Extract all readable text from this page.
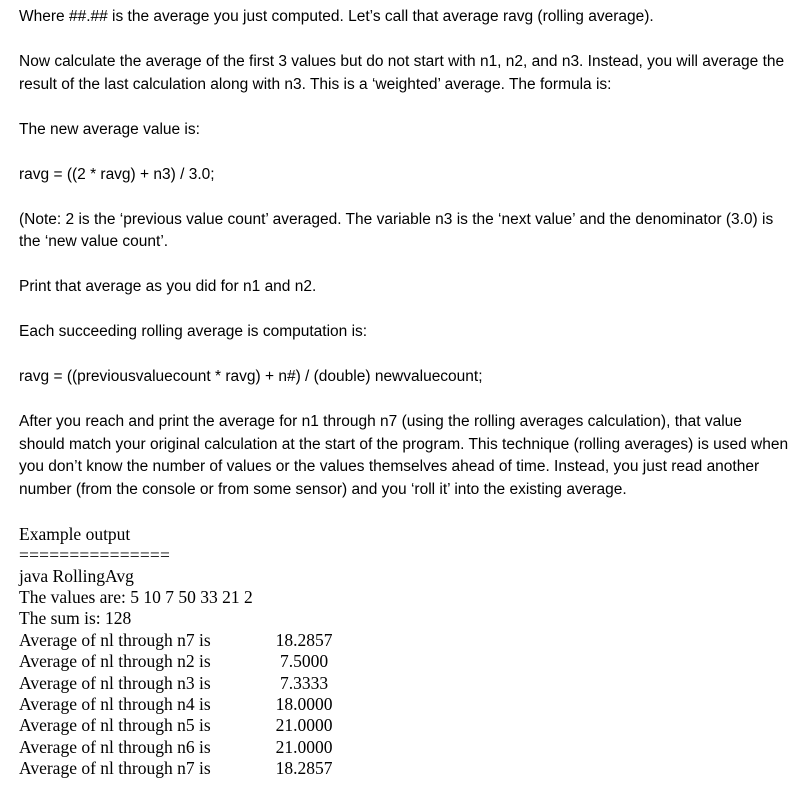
Where ##.## is the average you just computed. Let’s call that average ravg (rolling average).

Now calculate the average of the first 3 values but do not start with n1, n2, and n3. Instead, you will average the result of the last calculation along with n3. This is a ‘weighted’ average. The formula is:

The new average value is:

ravg = ((2 * ravg) + n3) / 3.0;

(Note: 2 is the ‘previous value count’ averaged. The variable n3 is the ‘next value’ and the denominator (3.0) is the ‘new value count’.

Print that average as you did for n1 and n2.

Each succeeding rolling average is computation is:

ravg = ((previousvaluecount * ravg) + n#) / (double) newvaluecount;

After you reach and print the average for n1 through n7 (using the rolling averages calculation), that value should match your original calculation at the start of the program. This technique (rolling averages) is used when you don’t know the number of values or the values themselves ahead of time. Instead, you just read another number (from the console or from some sensor) and you ‘roll it’ into the existing average.

Example output
===============
java RollingAvg
The values are: 5 10 7 50 33 21 2
The sum is: 128
Average of nl through n7 is	18.2857
Average of nl through n2 is	7.5000
Average of nl through n3 is	7.3333
Average of nl through n4 is	18.0000
Average of nl through n5 is	21.0000
Average of nl through n6 is	21.0000
Average of nl through n7 is	18.2857
